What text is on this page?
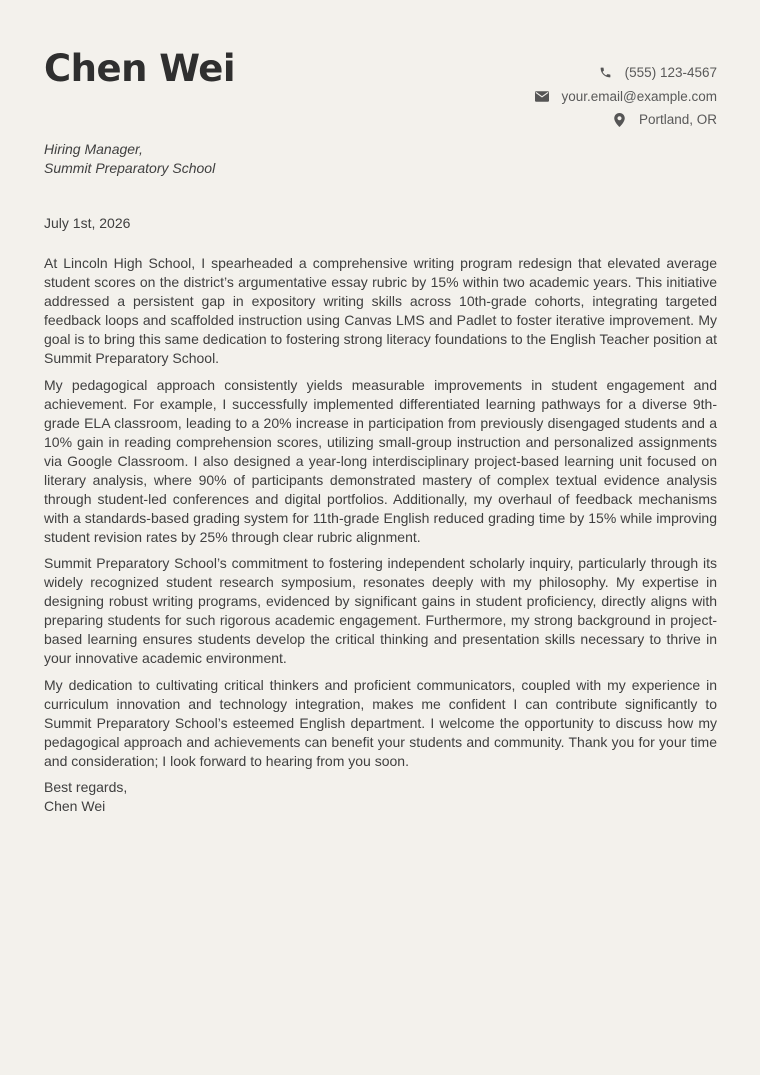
Chen Wei	(555) 123-4567
your.email@example.com
Portland, OR
Hiring Manager,
Summit Preparatory School
July 1st, 2026

At Lincoln High School, I spearheaded a comprehensive writing program redesign that elevated average student scores on the district’s argumentative essay rubric by 15% within two academic years. This initiative addressed a persistent gap in expository writing skills across 10th-grade cohorts, integrating targeted feedback loops and scaffolded instruction using Canvas LMS and Padlet to foster iterative improvement. My goal is to bring this same dedication to fostering strong literacy foundations to the English Teacher position at Summit Preparatory School.

My pedagogical approach consistently yields measurable improvements in student engagement and achievement. For example, I successfully implemented differentiated learning pathways for a diverse 9th-grade ELA classroom, leading to a 20% increase in participation from previously disengaged students and a 10% gain in reading comprehension scores, utilizing small-group instruction and personalized assignments via Google Classroom. I also designed a year-long interdisciplinary project-based learning unit focused on literary analysis, where 90% of participants demonstrated mastery of complex textual evidence analysis through student-led conferences and digital portfolios. Additionally, my overhaul of feedback mechanisms with a standards-based grading system for 11th-grade English reduced grading time by 15% while improving student revision rates by 25% through clear rubric alignment.

Summit Preparatory School’s commitment to fostering independent scholarly inquiry, particularly through its widely recognized student research symposium, resonates deeply with my philosophy. My expertise in designing robust writing programs, evidenced by significant gains in student proficiency, directly aligns with preparing students for such rigorous academic engagement. Furthermore, my strong background in project-based learning ensures students develop the critical thinking and presentation skills necessary to thrive in your innovative academic environment.

My dedication to cultivating critical thinkers and proficient communicators, coupled with my experience in curriculum innovation and technology integration, makes me confident I can contribute significantly to Summit Preparatory School’s esteemed English department. I welcome the opportunity to discuss how my pedagogical approach and achievements can benefit your students and community. Thank you for your time and consideration; I look forward to hearing from you soon.

Best regards,
Chen Wei
